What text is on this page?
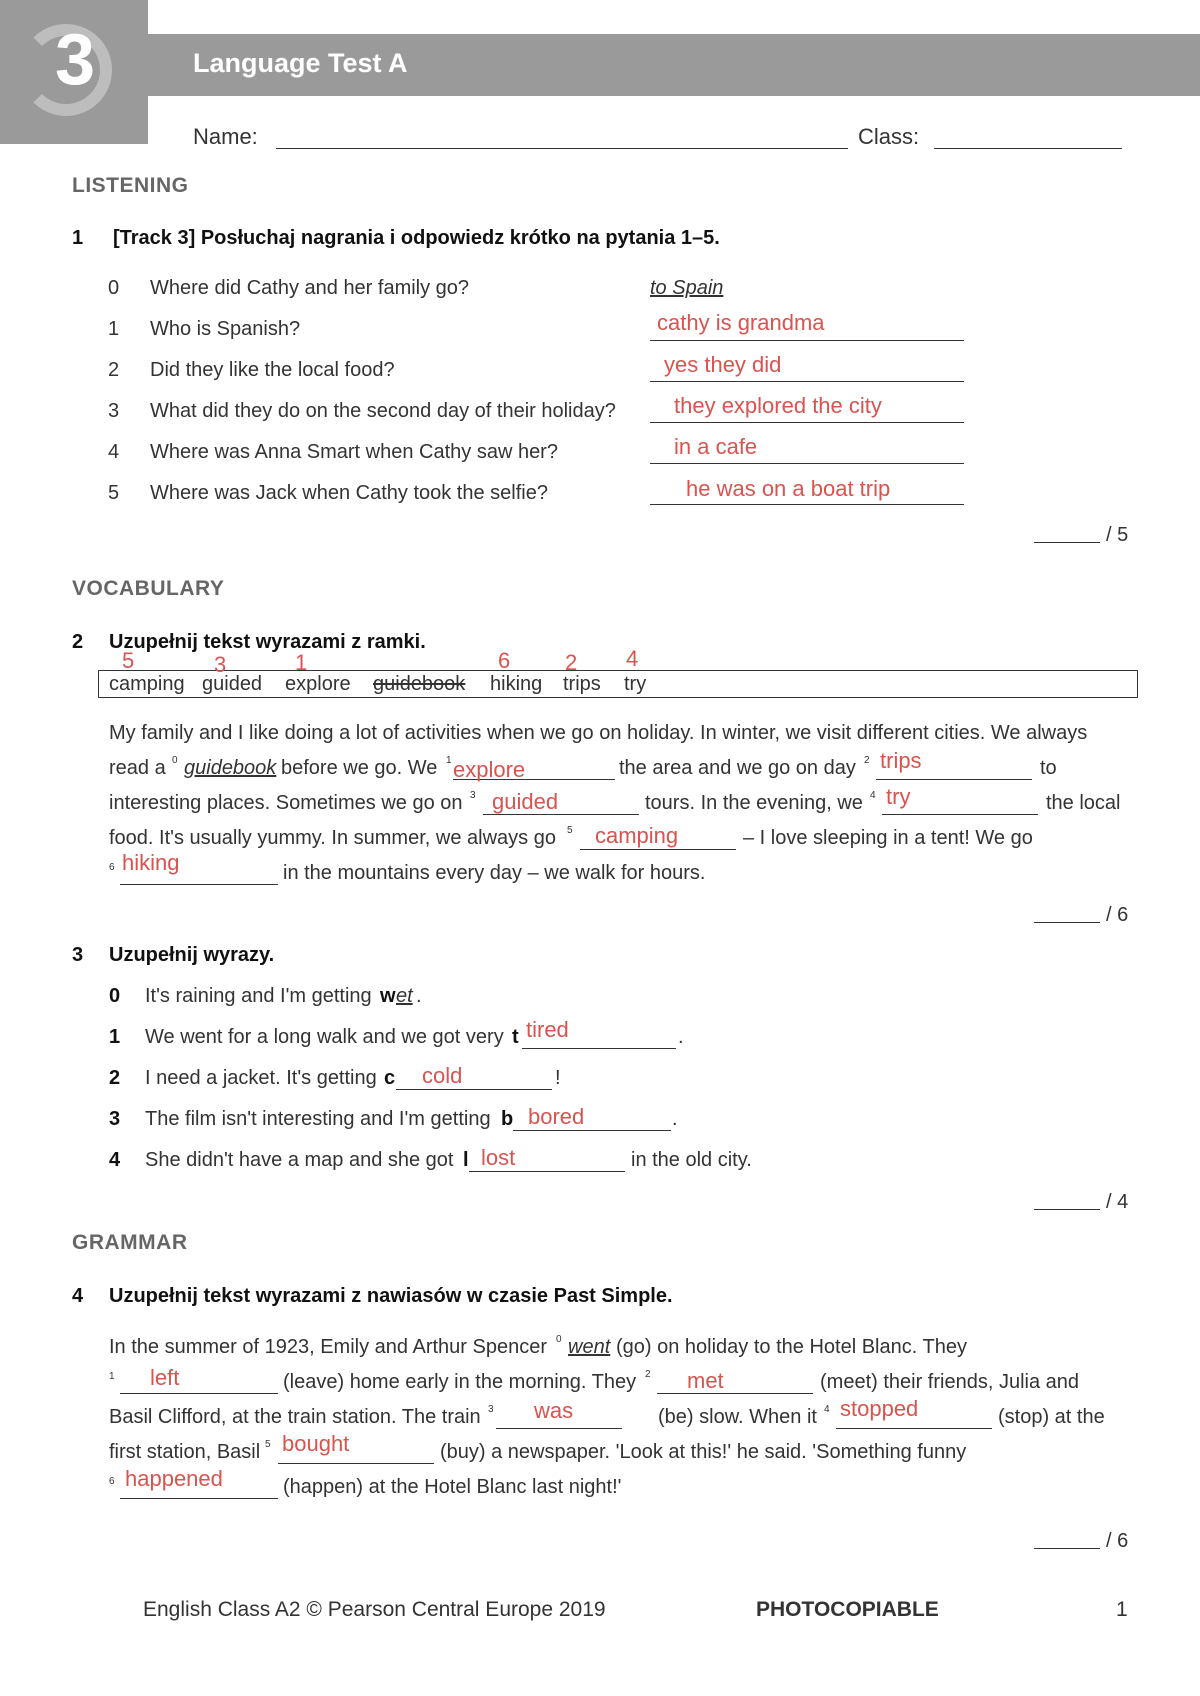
3	Language Test A
Name:	Class:
LISTENING
1 [Track 3] Posłuchaj nagrania i odpowiedz krótko na pytania 1–5.
0 Where did Cathy and her family go?	to Spain
1 Who is Spanish?	cathy is grandma
2 Did they like the local food?	yes they did
3 What did they do on the second day of their holiday?	they explored the city
4 Where was Anna Smart when Cathy saw her?	in a cafe
5 Where was Jack when Cathy took the selfie?	he was on a boat trip
/ 5
VOCABULARY
2 Uzupełnij tekst wyrazami z ramki.
5
camping
3
guided
1
explore guidebook
6
hiking
2
trips
4
try
My family and I like doing a lot of activities when we go on holiday. In winter, we visit different cities. We always
read a 0 guidebook before we go. We 1 explore	the area and we go on day 2 trips	to
interesting places. Sometimes we go on 3 guided	tours. In the evening, we 4 try	the local
food. It's usually yummy. In summer, we always go 5 camping	– I love sleeping in a tent! We go
6 hiking	in the mountains every day – we walk for hours.
/ 6
3 Uzupełnij wyrazy.
0 It's raining and I'm getting w et .
1 We went for a long walk and we got very t tired	.
2 I need a jacket. It's getting c cold	!
3 The film isn't interesting and I'm getting b bored	.
4 She didn't have a map and she got l lost	in the old city.
/ 4
GRAMMAR
4 Uzupełnij tekst wyrazami z nawiasów w czasie Past Simple.
In the summer of 1923, Emily and Arthur Spencer 0 went (go) on holiday to the Hotel Blanc. They
1 left	(leave) home early in the morning. They 2 met	(meet) their friends, Julia and
Basil Clifford, at the train station. The train 3 was	(be) slow. When it 4 stopped	(stop) at the
first station, Basil 5 bought	(buy) a newspaper. 'Look at this!' he said. 'Something funny
6 happened	(happen) at the Hotel Blanc last night!'
/ 6
English Class A2 © Pearson Central Europe 2019	PHOTOCOPIABLE	1
